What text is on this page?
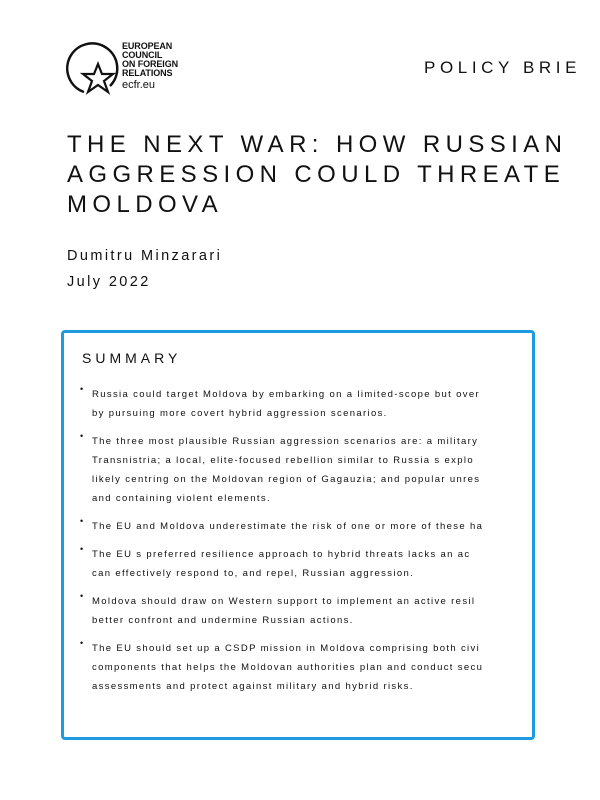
EUROPEAN
COUNCIL
ON FOREIGN
RELATIONS
ecfr.eu
POLICY BRIE
THE NEXT WAR: HOW RUSSIAN
AGGRESSION COULD THREATE
MOLDOVA
Dumitru Minzarari
July 2022
SUMMARY
• Russia could target Moldova by embarking on a limited-scope but over
by pursuing more covert hybrid aggression scenarios.
• The three most plausible Russian aggression scenarios are: a military
Transnistria; a local, elite-focused rebellion similar to Russia s explo
likely centring on the Moldovan region of Gagauzia; and popular unres
and containing violent elements.
• The EU and Moldova underestimate the risk of one or more of these ha
• The EU s preferred resilience approach to hybrid threats lacks an ac
can effectively respond to, and repel, Russian aggression.
• Moldova should draw on Western support to implement an active resil
better confront and undermine Russian actions.
• The EU should set up a CSDP mission in Moldova comprising both civi
components that helps the Moldovan authorities plan and conduct secu
assessments and protect against military and hybrid risks.
